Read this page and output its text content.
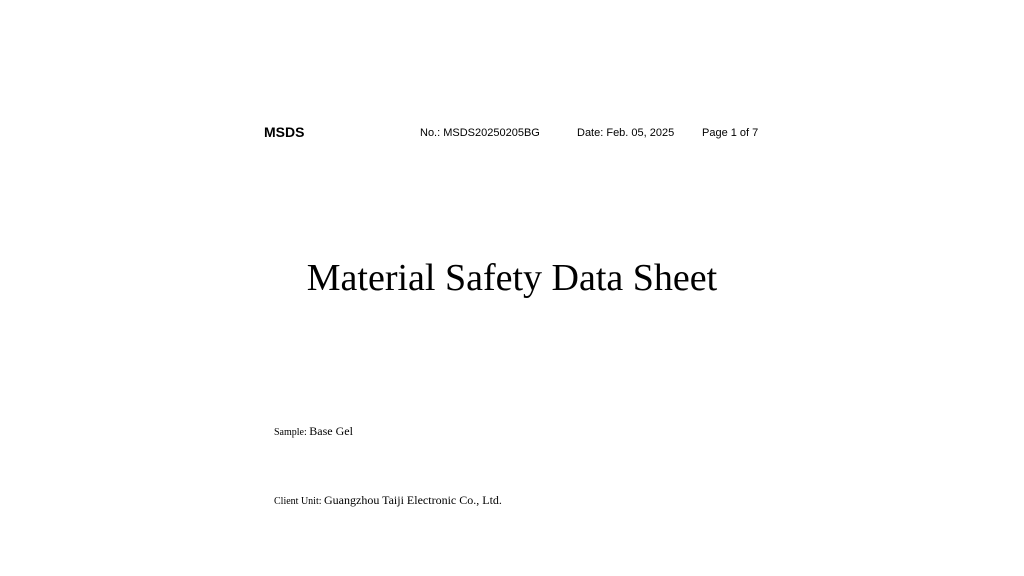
MSDS	No.: MSDS20250205BG	Date: Feb. 05, 2025	Page 1 of 7
Material Safety Data Sheet
Sample: Base Gel
Client Unit: Guangzhou Taiji Electronic Co., Ltd.
